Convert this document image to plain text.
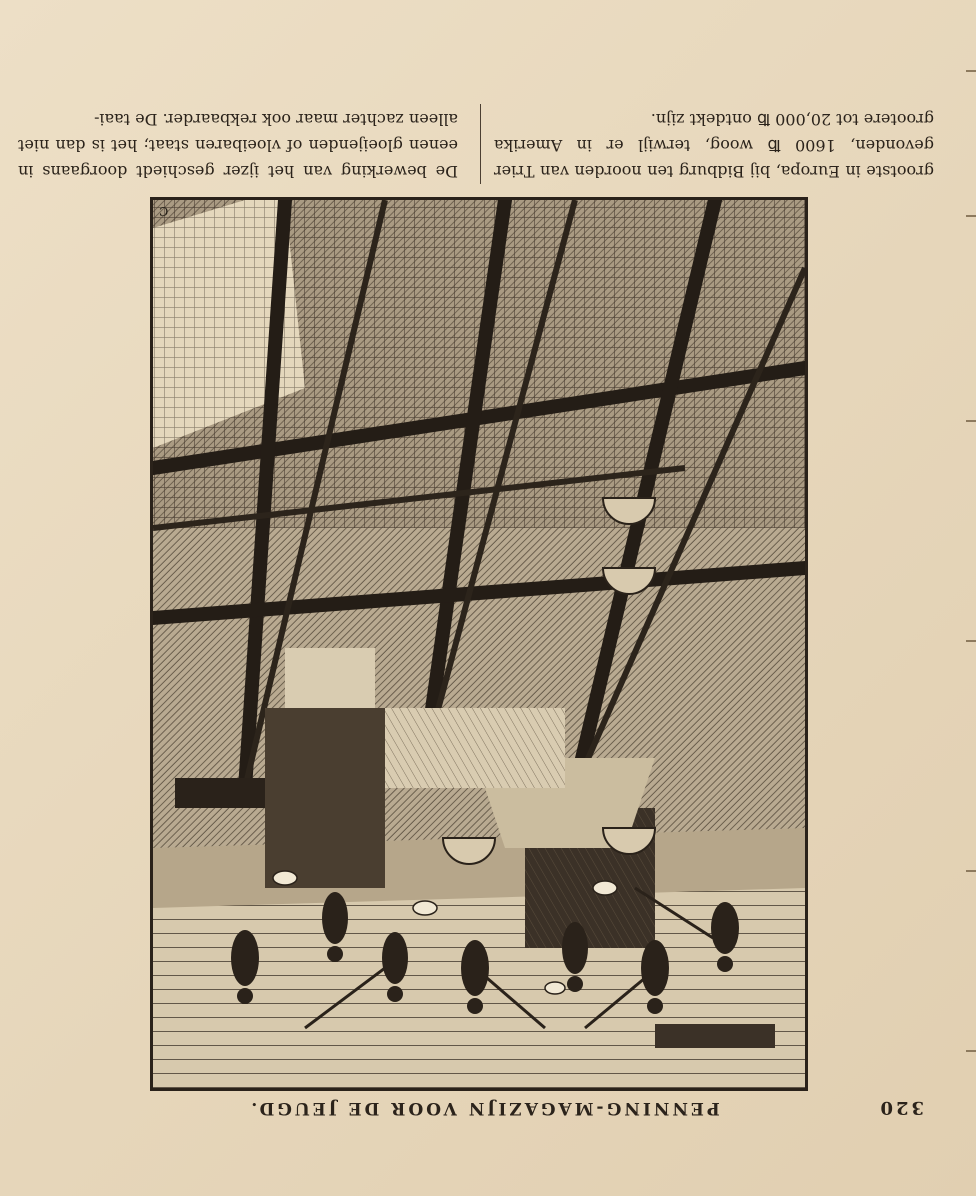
320
PENNING-MAGAZIJN VOOR DE JEUGD.
C

grootste in Europa, bij Bidburg ten noorden van Trier gevonden, 1600 ℔ woog, terwijl er in Amerika grootere tot 20,000 ℔ ontdekt zijn.

De bewerking van het ijzer geschiedt doorgaans in eenen gloeijenden of vloeibaren staat; het is dan niet alleen zachter maar ook rekbaarder. De taai-
